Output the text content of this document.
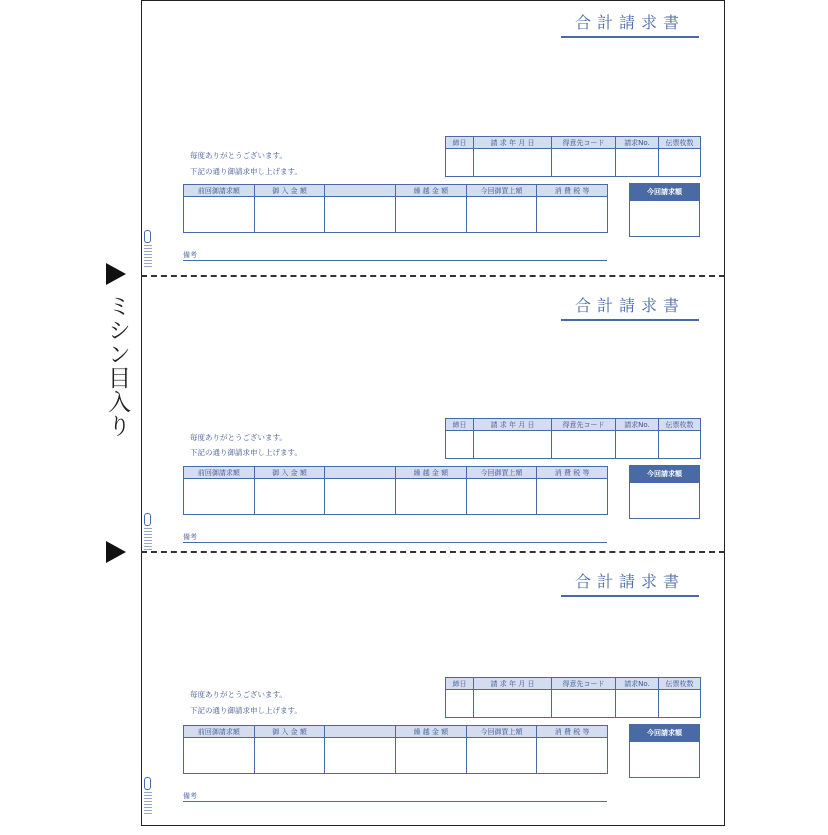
ミシン目入り
合計請求書
毎度ありがとうございます。
下記の通り御請求申し上げます。
締日	請 求 年 月 日	得意先コード	請求No.	伝票枚数

前回御請求額	御 入 金 額		繰 越 金 額	今回御買上額	消 費 税 等
						今回請求額
備考
合計請求書
毎度ありがとうございます。
下記の通り御請求申し上げます。
締日	請 求 年 月 日	得意先コード	請求No.	伝票枚数

前回御請求額	御 入 金 額		繰 越 金 額	今回御買上額	消 費 税 等
						今回請求額
備考
合計請求書
毎度ありがとうございます。
下記の通り御請求申し上げます。
締日	請 求 年 月 日	得意先コード	請求No.	伝票枚数

前回御請求額	御 入 金 額		繰 越 金 額	今回御買上額	消 費 税 等
						今回請求額
備考
